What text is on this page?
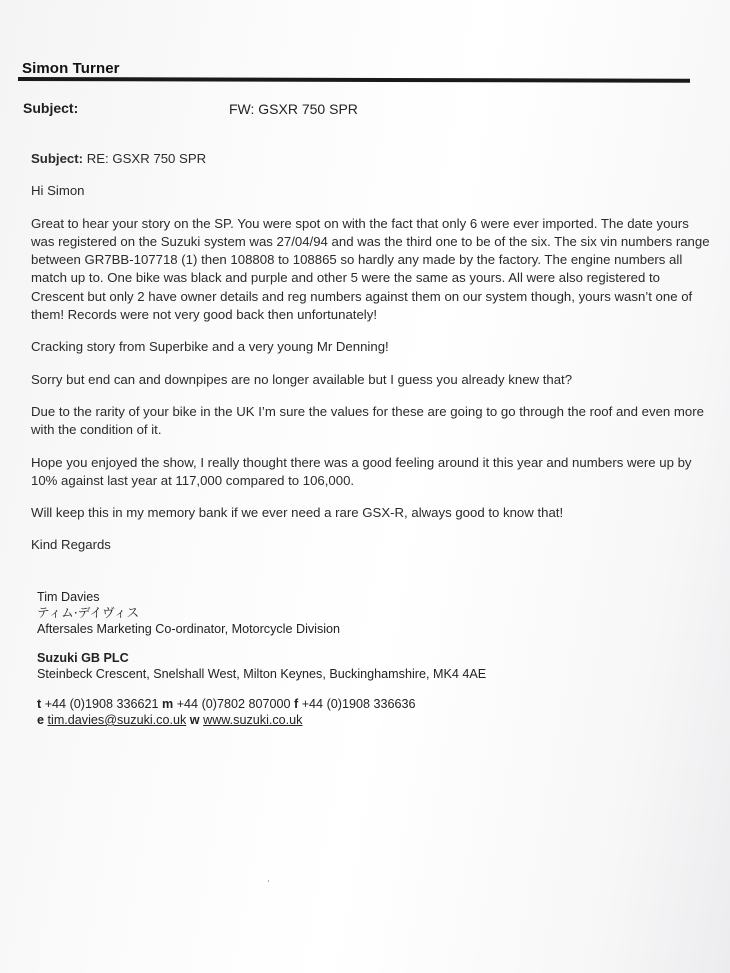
Simon Turner
Subject:	FW: GSXR 750 SPR

Subject: RE: GSXR 750 SPR

Hi Simon

Great to hear your story on the SP. You were spot on with the fact that only 6 were ever imported. The date yours
was registered on the Suzuki system was 27/04/94 and was the third one to be of the six. The six vin numbers range
between GR7BB-107718 (1) then 108808 to 108865 so hardly any made by the factory. The engine numbers all
match up to. One bike was black and purple and other 5 were the same as yours. All were also registered to
Crescent but only 2 have owner details and reg numbers against them on our system though, yours wasn’t one of
them! Records were not very good back then unfortunately!

Cracking story from Superbike and a very young Mr Denning!

Sorry but end can and downpipes are no longer available but I guess you already knew that?

Due to the rarity of your bike in the UK I’m sure the values for these are going to go through the roof and even more
with the condition of it.

Hope you enjoyed the show, I really thought there was a good feeling around it this year and numbers were up by
10% against last year at 117,000 compared to 106,000.

Will keep this in my memory bank if we ever need a rare GSX-R, always good to know that!

Kind Regards

Tim Davies
ティム·デイヴィス
Aftersales Marketing Co-ordinator, Motorcycle Division
Suzuki GB PLC
Steinbeck Crescent, Snelshall West, Milton Keynes, Buckinghamshire, MK4 4AE
t +44 (0)1908 336621 m +44 (0)7802 807000 f +44 (0)1908 336636
e tim.davies@suzuki.co.uk w www.suzuki.co.uk
